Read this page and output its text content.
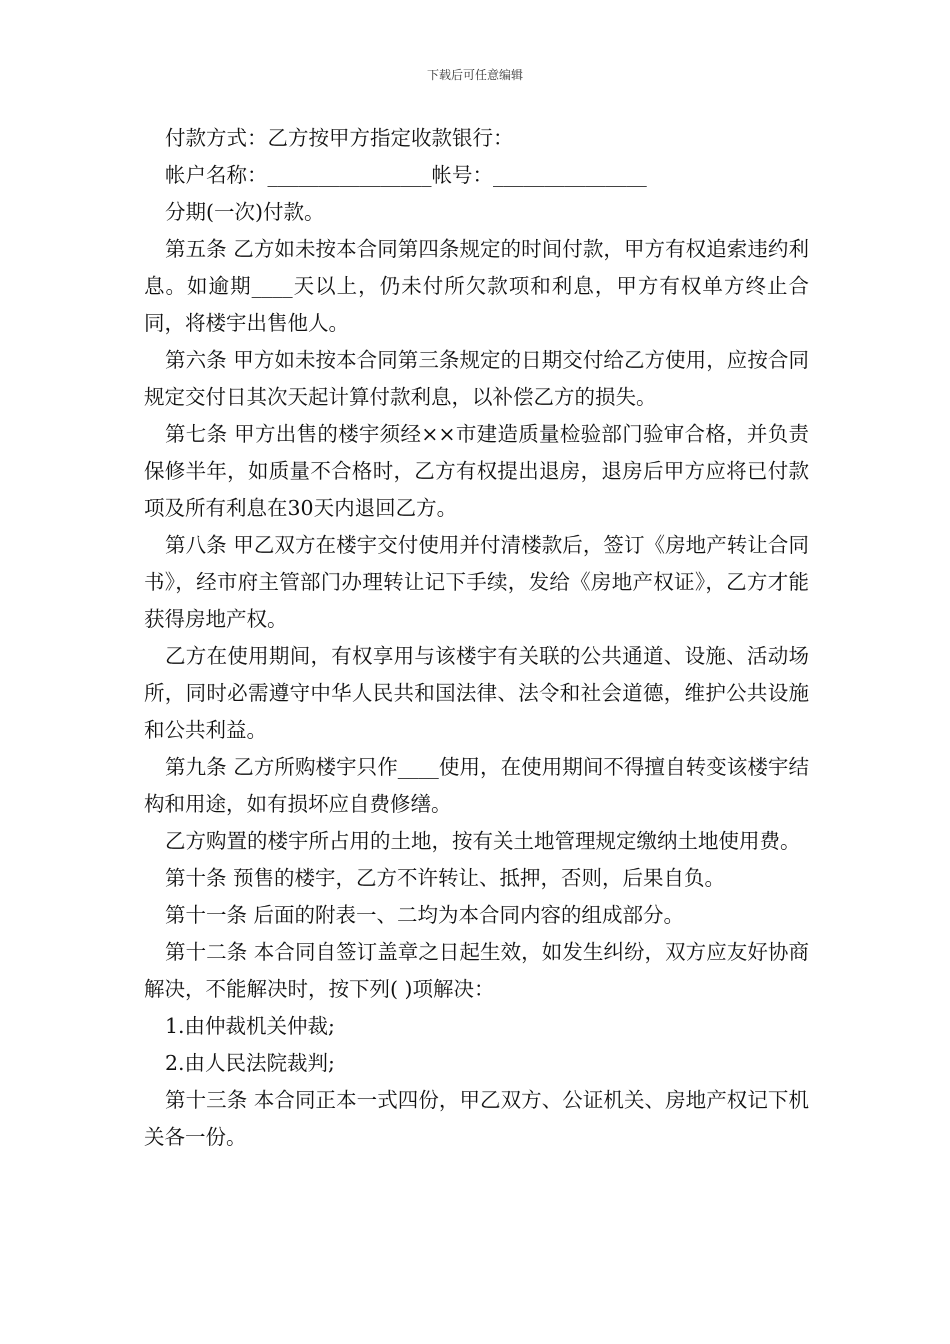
下载后可任意编辑

付款方式：乙方按甲方指定收款银行：

帐户名称：________________帐号：_______________

分期(一次)付款。

第五条 乙方如未按本合同第四条规定的时间付款，甲方有权追索违约利息。如逾期____天以上，仍未付所欠款项和利息，甲方有权单方终止合同，将楼宇出售他人。

第六条 甲方如未按本合同第三条规定的日期交付给乙方使用，应按合同规定交付日其次天起计算付款利息，以补偿乙方的损失。

第七条 甲方出售的楼宇须经××市建造质量检验部门验审合格，并负责保修半年，如质量不合格时，乙方有权提出退房，退房后甲方应将已付款项及所有利息在30天内退回乙方。

第八条 甲乙双方在楼宇交付使用并付清楼款后，签订《房地产转让合同书》，经市府主管部门办理转让记下手续，发给《房地产权证》，乙方才能获得房地产权。

乙方在使用期间，有权享用与该楼宇有关联的公共通道、设施、活动场所，同时必需遵守中华人民共和国法律、法令和社会道德，维护公共设施和公共利益。

第九条 乙方所购楼宇只作____使用，在使用期间不得擅自转变该楼宇结构和用途，如有损坏应自费修缮。

乙方购置的楼宇所占用的土地，按有关土地管理规定缴纳土地使用费。

第十条 预售的楼宇，乙方不许转让、抵押，否则，后果自负。

第十一条 后面的附表一、二均为本合同内容的组成部分。

第十二条 本合同自签订盖章之日起生效，如发生纠纷，双方应友好协商解决，不能解决时，按下列( )项解决：

1.由仲裁机关仲裁;

2.由人民法院裁判;

第十三条 本合同正本一式四份，甲乙双方、公证机关、房地产权记下机关各一份。
